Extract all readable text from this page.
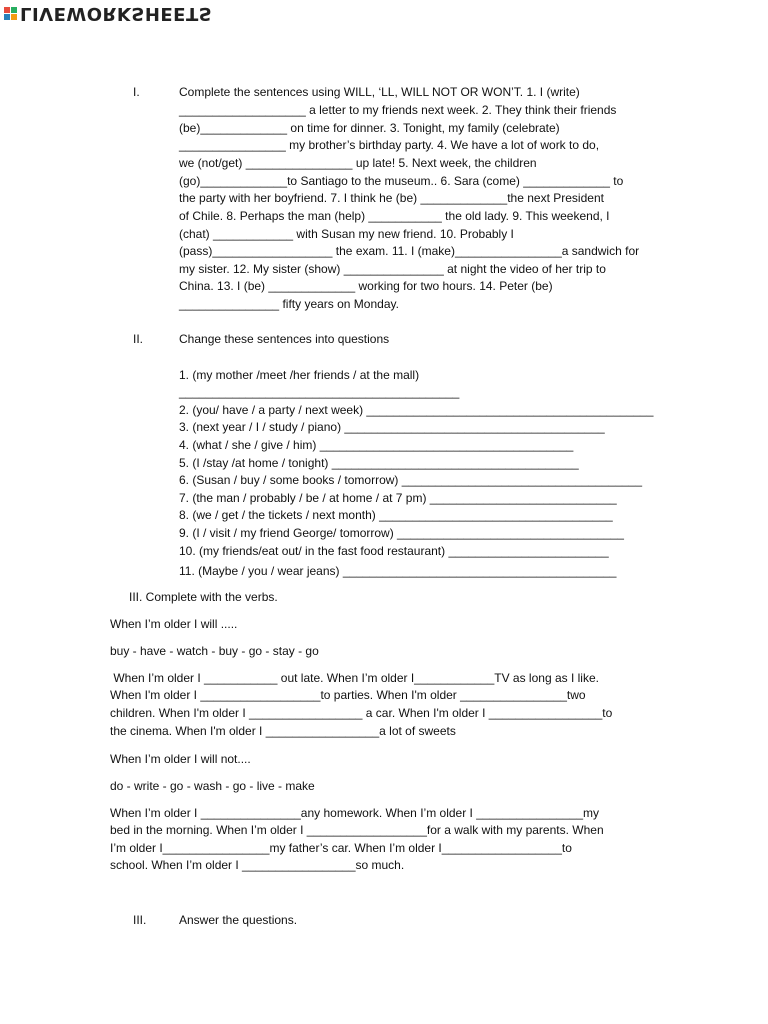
LIVEWORKSHEETS
I.	Complete the sentences using WILL, ‘LL, WILL NOT OR WON’T. 1. I (write)
___________________ a letter to my friends next week. 2. They think their friends
(be)_____________ on time for dinner. 3. Tonight, my family (celebrate)
________________ my brother’s birthday party. 4. We have a lot of work to do,
we (not/get) ________________ up late! 5. Next week, the children
(go)_____________to Santiago to the museum.. 6. Sara (come) _____________ to
the party with her boyfriend. 7. I think he (be) _____________the next President
of Chile. 8. Perhaps the man (help) ___________ the old lady. 9. This weekend, I
(chat) ____________ with Susan my new friend. 10. Probably I
(pass)__________________ the exam. 11. I (make)________________a sandwich for
my sister. 12. My sister (show) _______________ at night the video of her trip to
China. 13. I (be) _____________ working for two hours. 14. Peter (be)
_______________ fifty years on Monday.
II.	Change these sentences into questions
1. (my mother /meet /her friends / at the mall)
__________________________________________
2. (you/ have / a party / next week) ___________________________________________
3. (next year / I / study / piano) _______________________________________
4. (what / she / give / him) ______________________________________
5. (I /stay /at home / tonight) _____________________________________
6. (Susan / buy / some books / tomorrow) ____________________________________
7. (the man / probably / be / at home / at 7 pm) ____________________________
8. (we / get / the tickets / next month) ___________________________________
9. (I / visit / my friend George/ tomorrow) __________________________________
10. (my friends/eat out/ in the fast food restaurant) ________________________
11. (Maybe / you / wear jeans) _________________________________________
III. Complete with the verbs.
When I’m older I will .....
buy - have - watch - buy - go - stay - go
When I’m older I ___________ out late. When I’m older I____________TV as long as I like.
When I'm older I __________________to parties. When I'm older ________________two
children. When I'm older I _________________ a car. When I'm older I _________________to
the cinema. When I'm older I _________________a lot of sweets
When I’m older I will not....
do - write - go - wash - go - live - make
When I’m older I _______________any homework. When I’m older I ________________my
bed in the morning. When I’m older I __________________for a walk with my parents. When
I’m older I________________my father’s car. When I’m older I__________________to
school. When I’m older I _________________so much.
III.	Answer the questions.
